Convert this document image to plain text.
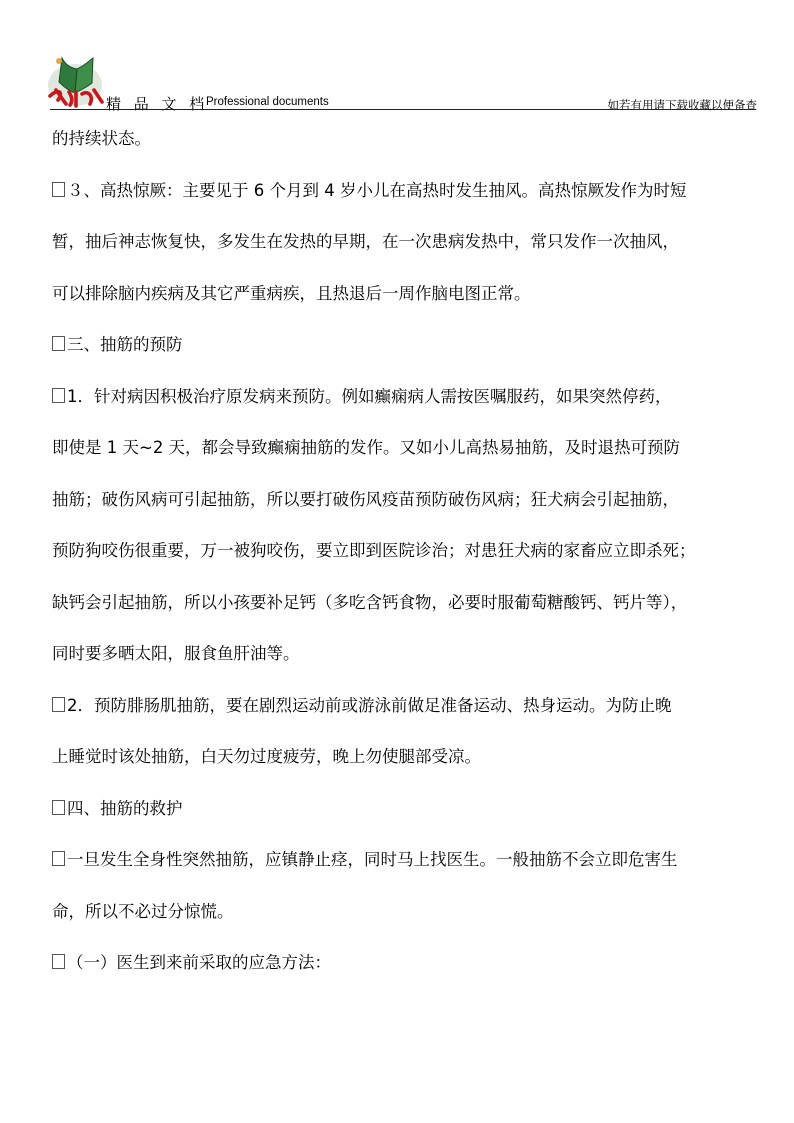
精 品 文 档
Professional documents	如若有用请下载收藏以便备查

的持续状态。

３、高热惊厥：主要见于 6 个月到 4 岁小儿在高热时发生抽风。高热惊厥发作为时短

暂，抽后神志恢复快，多发生在发热的早期，在一次患病发热中，常只发作一次抽风，

可以排除脑内疾病及其它严重病疾，且热退后一周作脑电图正常。

三、抽筋的预防

1．针对病因积极治疗原发病来预防。例如癫痫病人需按医嘱服药，如果突然停药，

即使是 1 天~2 天，都会导致癫痫抽筋的发作。又如小儿高热易抽筋，及时退热可预防

抽筋；破伤风病可引起抽筋，所以要打破伤风疫苗预防破伤风病；狂犬病会引起抽筋，

预防狗咬伤很重要，万一被狗咬伤，要立即到医院诊治；对患狂犬病的家畜应立即杀死；

缺钙会引起抽筋，所以小孩要补足钙（多吃含钙食物，必要时服葡萄糖酸钙、钙片等），

同时要多晒太阳，服食鱼肝油等。

2．预防腓肠肌抽筋，要在剧烈运动前或游泳前做足准备运动、热身运动。为防止晚

上睡觉时该处抽筋，白天勿过度疲劳，晚上勿使腿部受凉。

四、抽筋的救护

一旦发生全身性突然抽筋，应镇静止痉，同时马上找医生。一般抽筋不会立即危害生

命，所以不必过分惊慌。

（一）医生到来前采取的应急方法：
